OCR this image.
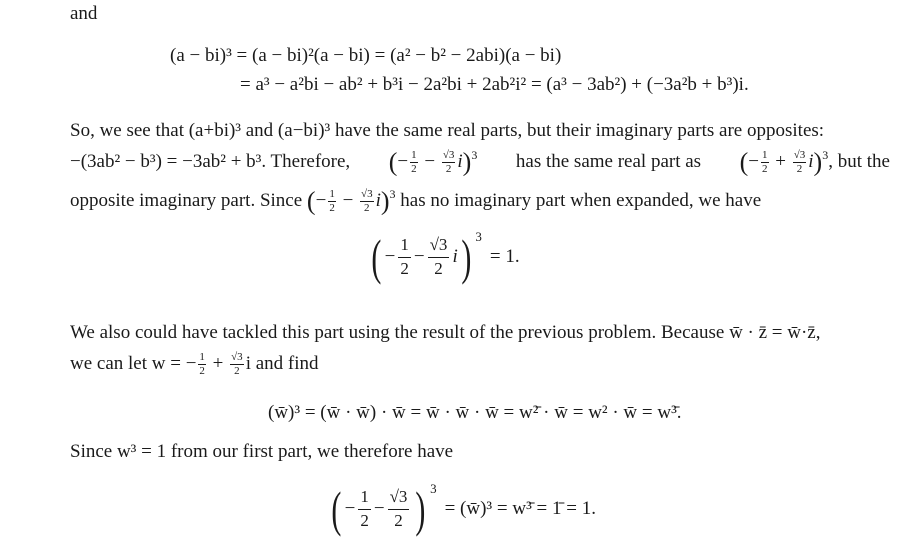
and
(a − bi)³ = (a − bi)²(a − bi) = (a² − b² − 2abi)(a − bi)
= a³ − a²bi − ab² + b³i − 2a²bi + 2ab²i² = (a³ − 3ab²) + (−3a²b + b³)i.
So, we see that (a+bi)³ and (a−bi)³ have the same real parts, but their imaginary parts are opposites:
−(3ab² − b³) = −3ab² + b³. Therefore, (− $\frac{1}{2} - \frac{√3}{2} i)^3$ has the same real part as (− $\frac{1}{2} + \frac{√3}{2} i)^3$, but the
opposite imaginary part. Since (− $\frac{1}{2} - \frac{√3}{2} i)^3$ has no imaginary part when expanded, we have
( − $\frac{1}{2} - \frac{√3}{2}$ i ) 3
= 1.
We also could have tackled this part using the result of the previous problem. Because w̄ · z̄ = w̄·z̄,
we can let w = − $\frac{1}{2} + \frac{√3}{2}$ i and find
(w̄)³ = (w̄ · w̄) · w̄ = w̄ · w̄ · w̄ = w²̄ · w̄ = w² · w̄ = w³̄.
Since w³ = 1 from our first part, we therefore have
( − $\frac{1}{2} - \frac{√3}{2}$ ) 3
= (w̄)³ = w³̄ = 1̄ = 1.
